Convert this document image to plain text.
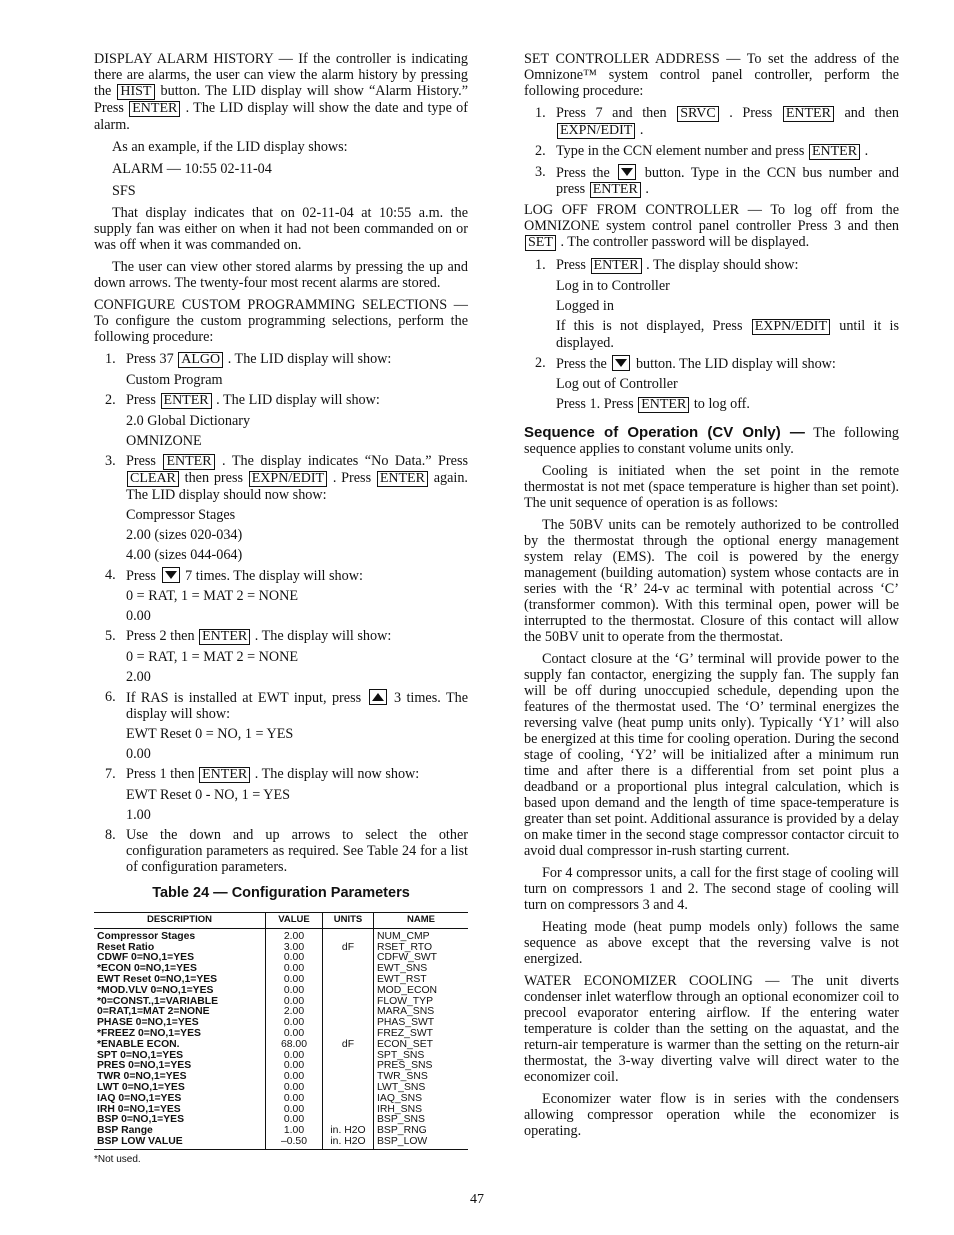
DISPLAY ALARM HISTORY — If the controller is indicating there are alarms, the user can view the alarm history by pressing the HIST button. The LID display will show “Alarm History.” Press ENTER . The LID display will show the date and type of alarm.

As an example, if the LID display shows:

ALARM — 10:55 02-11-04

SFS

That display indicates that on 02-11-04 at 10:55 a.m. the supply fan was either on when it had not been commanded on or was off when it was commanded on.

The user can view other stored alarms by pressing the up and down arrows. The twenty-four most recent alarms are stored.

CONFIGURE CUSTOM PROGRAMMING SELECTIONS — To configure the custom programming selections, perform the following procedure:

1. Press 37 ALGO . The LID display will show:
Custom Program
2. Press ENTER . The LID display will show:
2.0 Global Dictionary
OMNIZONE
3. Press ENTER . The display indicates “No Data.” Press CLEAR then press EXPN/EDIT . Press ENTER again. The LID display should now show:
Compressor Stages
2.00 (sizes 020-034)
4.00 (sizes 044-064)
4. Press
7 times. The display will show:
0 = RAT, 1 = MAT 2 = NONE
0.00
5. Press 2 then ENTER . The display will show:
0 = RAT, 1 = MAT 2 = NONE
2.00
6. If RAS is installed at EWT input, press
3 times. The display will show:
EWT Reset 0 = NO, 1 = YES
0.00
7. Press 1 then ENTER . The display will now show:
EWT Reset 0 - NO, 1 = YES
1.00
8. Use the down and up arrows to select the other configuration parameters as required. See Table 24 for a list of configuration parameters.
Table 24 — Configuration Parameters
DESCRIPTION	VALUE	UNITS	NAME
Compressor Stages	2.00		NUM_CMP
Reset Ratio	3.00	dF	RSET_RTO
CDWF 0=NO,1=YES	0.00		CDFW_SWT
*ECON 0=NO,1=YES	0.00		EWT_SNS
EWT Reset 0=NO,1=YES	0.00		EWT_RST
*MOD.VLV 0=NO,1=YES	0.00		MOD_ECON
*0=CONST.,1=VARIABLE	0.00		FLOW_TYP
0=RAT,1=MAT 2=NONE	2.00		MARA_SNS
PHASE 0=NO,1=YES	0.00		PHAS_SWT
*FREEZ 0=NO,1=YES	0.00		FREZ_SWT
*ENABLE ECON.	68.00	dF	ECON_SET
SPT 0=NO,1=YES	0.00		SPT_SNS
PRES 0=NO,1=YES	0.00		PRES_SNS
TWR 0=NO,1=YES	0.00		TWR_SNS
LWT 0=NO,1=YES	0.00		LWT_SNS
IAQ 0=NO,1=YES	0.00		IAQ_SNS
IRH 0=NO,1=YES	0.00		IRH_SNS
BSP 0=NO,1=YES	0.00		BSP_SNS
BSP Range	1.00	in. H2O	BSP_RNG
BSP LOW VALUE	–0.50	in. H2O	BSP_LOW
*Not used.

SET CONTROLLER ADDRESS — To set the address of the Omnizone™ system control panel controller, perform the following procedure:

1. Press 7 and then SRVC . Press ENTER and then EXPN/EDIT .
2. Type in the CCN element number and press ENTER .
3. Press the
button. Type in the CCN bus number and press ENTER .

LOG OFF FROM CONTROLLER — To log off from the OMNIZONE system control panel controller Press 3 and then SET . The controller password will be displayed.

1. Press ENTER . The display should show:
Log in to Controller
Logged in
If this is not displayed, Press EXPN/EDIT until it is displayed.
2. Press the
button. The LID display will show:
Log out of Controller
Press 1. Press ENTER to log off.

Sequence of Operation (CV Only) — The following sequence applies to constant volume units only.

Cooling is initiated when the set point in the remote thermostat is not met (space temperature is higher than set point). The unit sequence of operation is as follows:

The 50BV units can be remotely authorized to be controlled by the thermostat through the optional energy management system relay (EMS). The coil is powered by the energy management (building automation) system whose contacts are in series with the ‘R’ 24-v ac terminal with potential across ‘C’ (transformer common). With this terminal open, power will be interrupted to the thermostat. Closure of this contact will allow the 50BV unit to operate from the thermostat.

Contact closure at the ‘G’ terminal will provide power to the supply fan contactor, energizing the supply fan. The supply fan will be off during unoccupied schedule, depending upon the features of the thermostat used. The ‘O’ terminal energizes the reversing valve (heat pump units only). Typically ‘Y1’ will also be energized at this time for cooling operation. During the second stage of cooling, ‘Y2’ will be initialized after a minimum run time and after there is a differential from set point plus a deadband or a proportional plus integral calculation, which is based upon demand and the length of time space-temperature is greater than set point. Additional assurance is provided by a delay on make timer in the second stage compressor contactor circuit to avoid dual compressor in-rush starting current.

For 4 compressor units, a call for the first stage of cooling will turn on compressors 1 and 2. The second stage of cooling will turn on compressors 3 and 4.

Heating mode (heat pump models only) follows the same sequence as above except that the reversing valve is not energized.

WATER ECONOMIZER COOLING — The unit diverts condenser inlet waterflow through an optional economizer coil to precool evaporator entering airflow. If the entering water temperature is colder than the setting on the aquastat, and the return-air temperature is warmer than the setting on the return-air thermostat, the 3-way diverting valve will direct water to the economizer coil.

Economizer water flow is in series with the condensers allowing compressor operation while the economizer is operating.

47
